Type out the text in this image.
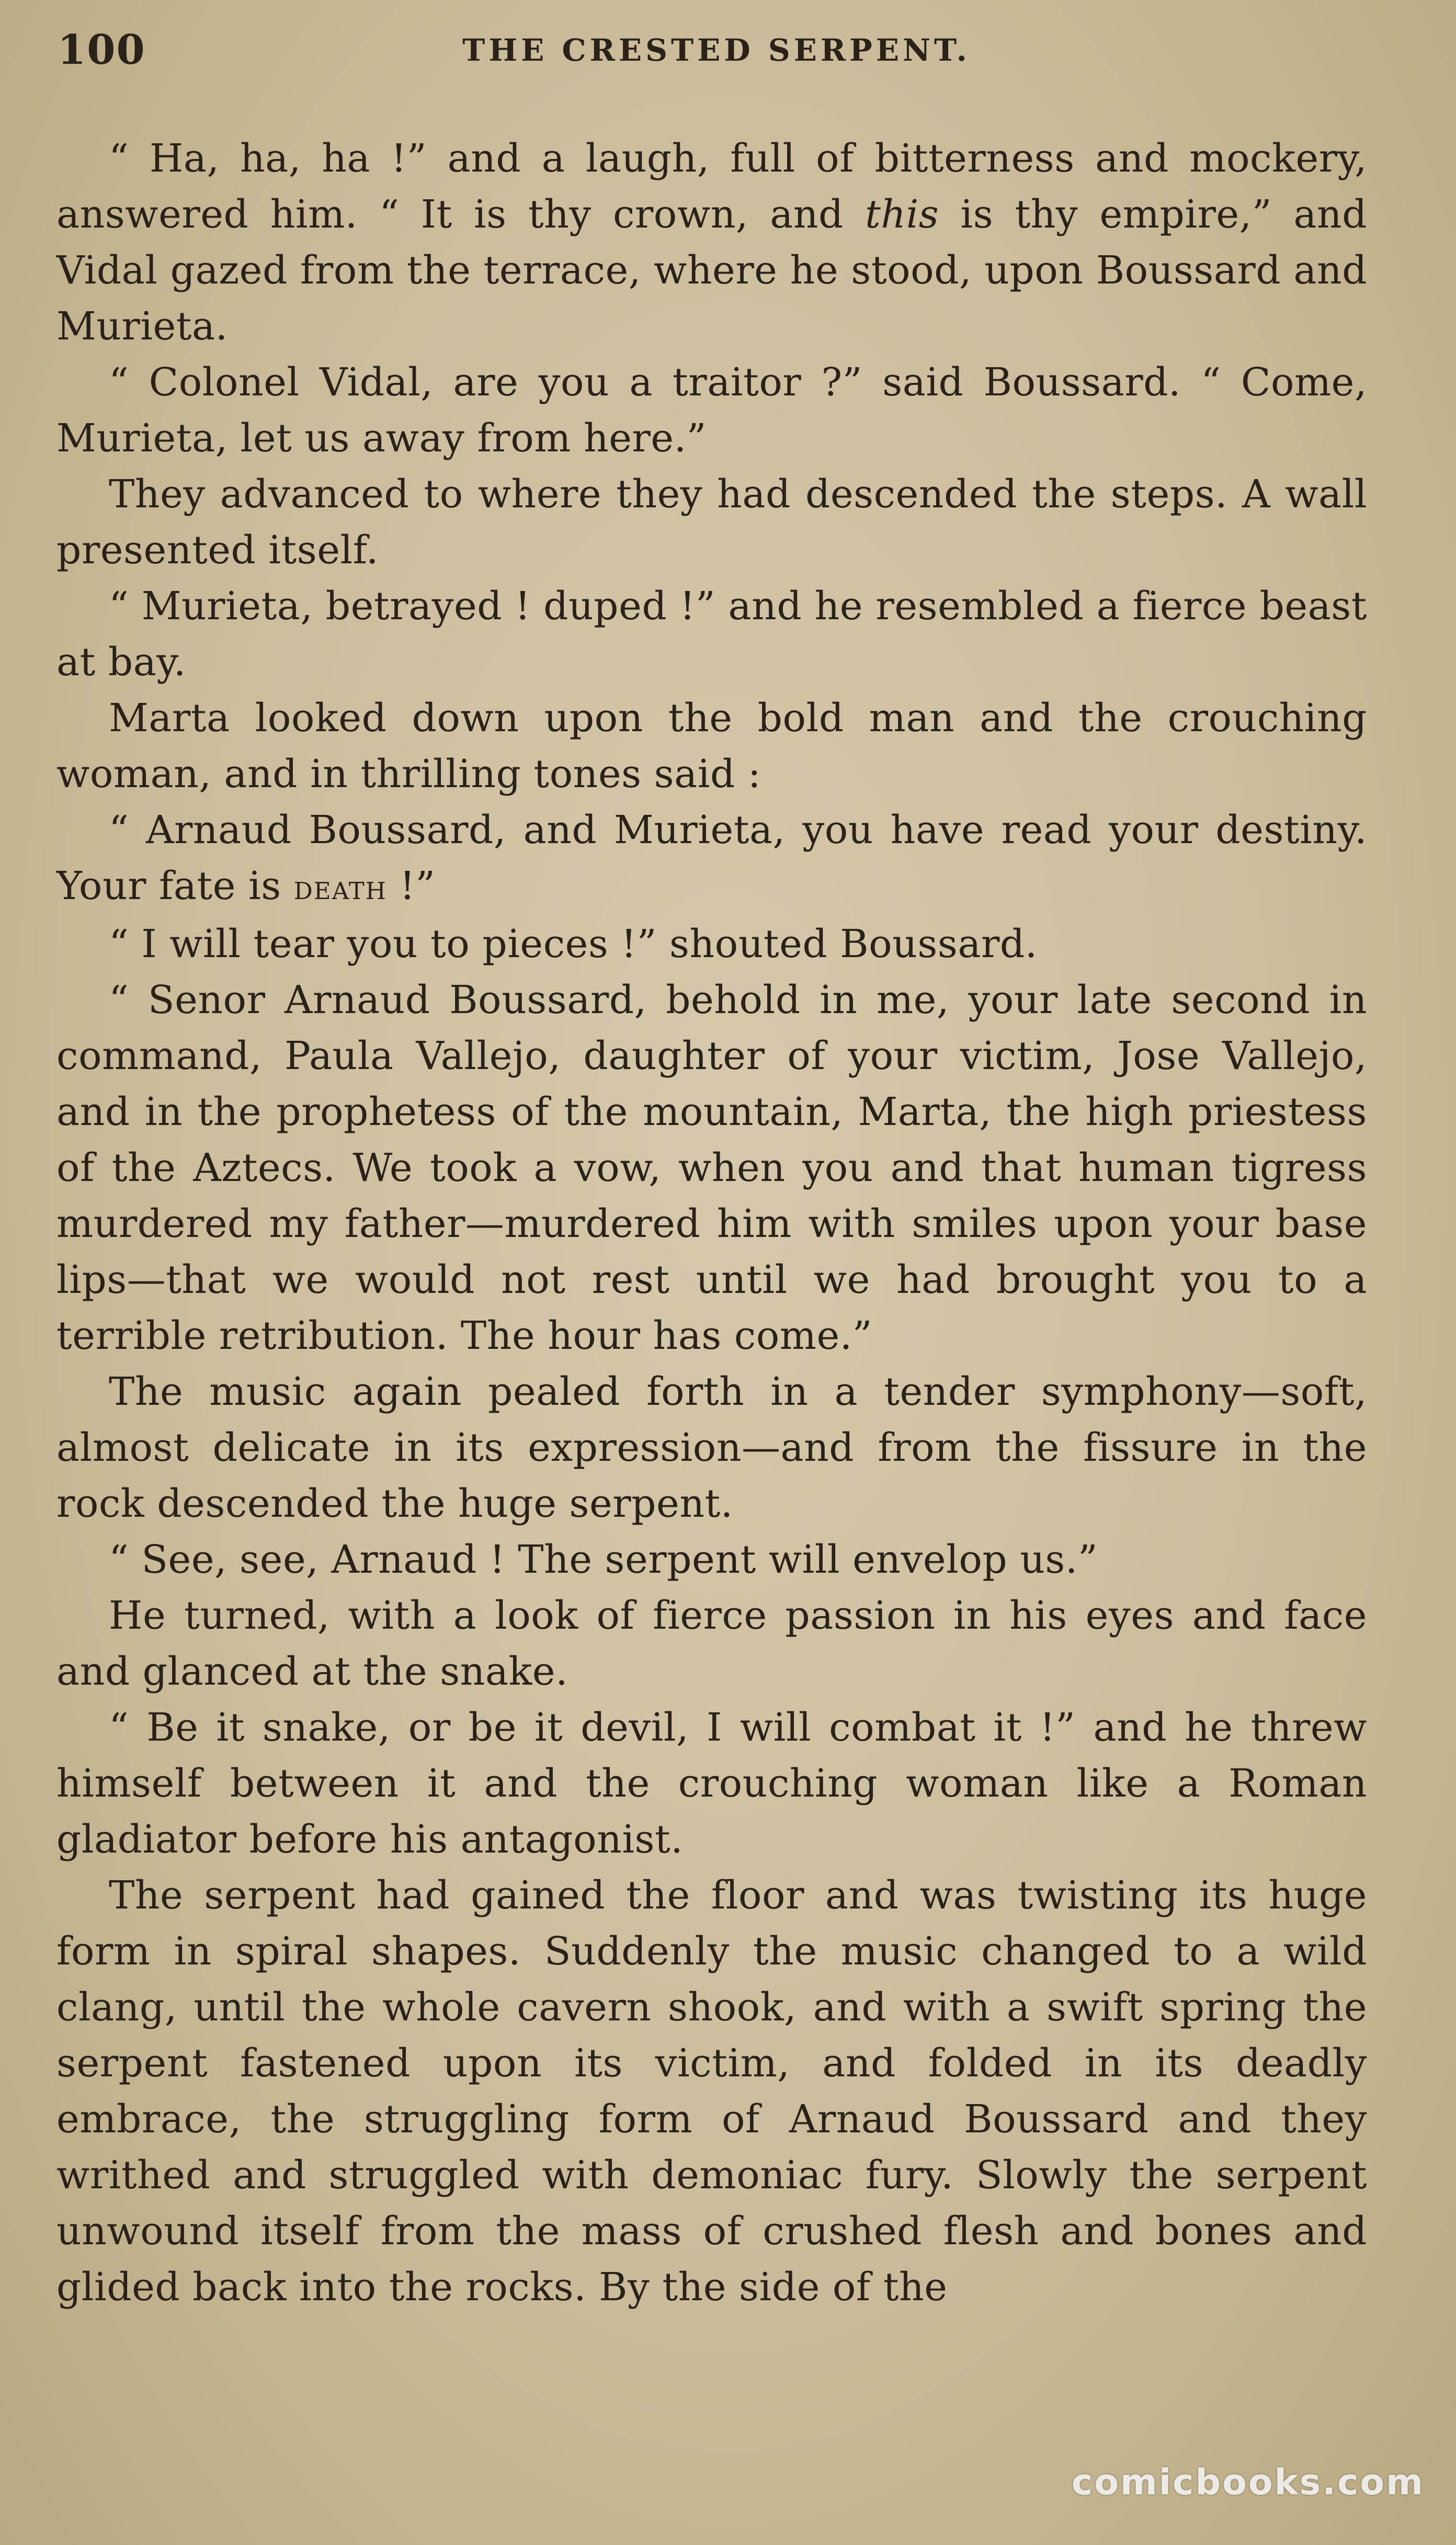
100	THE CRESTED SERPENT.

“ Ha, ha, ha !” and a laugh, full of bitterness and mockery, answered him. “ It is thy crown, and this is thy empire,” and Vidal gazed from the terrace, where he stood, upon Boussard and Murieta.

“ Colonel Vidal, are you a traitor ?” said Boussard. “ Come, Murieta, let us away from here.”

They advanced to where they had descended the steps. A wall presented itself.

“ Murieta, betrayed ! duped !” and he resembled a fierce beast at bay.

Marta looked down upon the bold man and the crouching woman, and in thrilling tones said :

“ Arnaud Boussard, and Murieta, you have read your destiny. Your fate is death !”

“ I will tear you to pieces !” shouted Boussard.

“ Senor Arnaud Boussard, behold in me, your late second in command, Paula Vallejo, daughter of your victim, Jose Vallejo, and in the prophetess of the mountain, Marta, the high priestess of the Aztecs. We took a vow, when you and that human tigress murdered my father—murdered him with smiles upon your base lips—that we would not rest until we had brought you to a terrible retribution. The hour has come.”

The music again pealed forth in a tender symphony—soft, almost delicate in its expression—and from the fissure in the rock descended the huge serpent.

“ See, see, Arnaud ! The serpent will envelop us.”

He turned, with a look of fierce passion in his eyes and face and glanced at the snake.

“ Be it snake, or be it devil, I will combat it !” and he threw himself between it and the crouching woman like a Roman gladiator before his antagonist.

The serpent had gained the floor and was twisting its huge form in spiral shapes. Suddenly the music changed to a wild clang, until the whole cavern shook, and with a swift spring the serpent fastened upon its victim, and folded in its deadly embrace, the struggling form of Arnaud Boussard and they writhed and struggled with demoniac fury. Slowly the serpent unwound itself from the mass of crushed flesh and bones and glided back into the rocks. By the side of the

comicbooks.com
